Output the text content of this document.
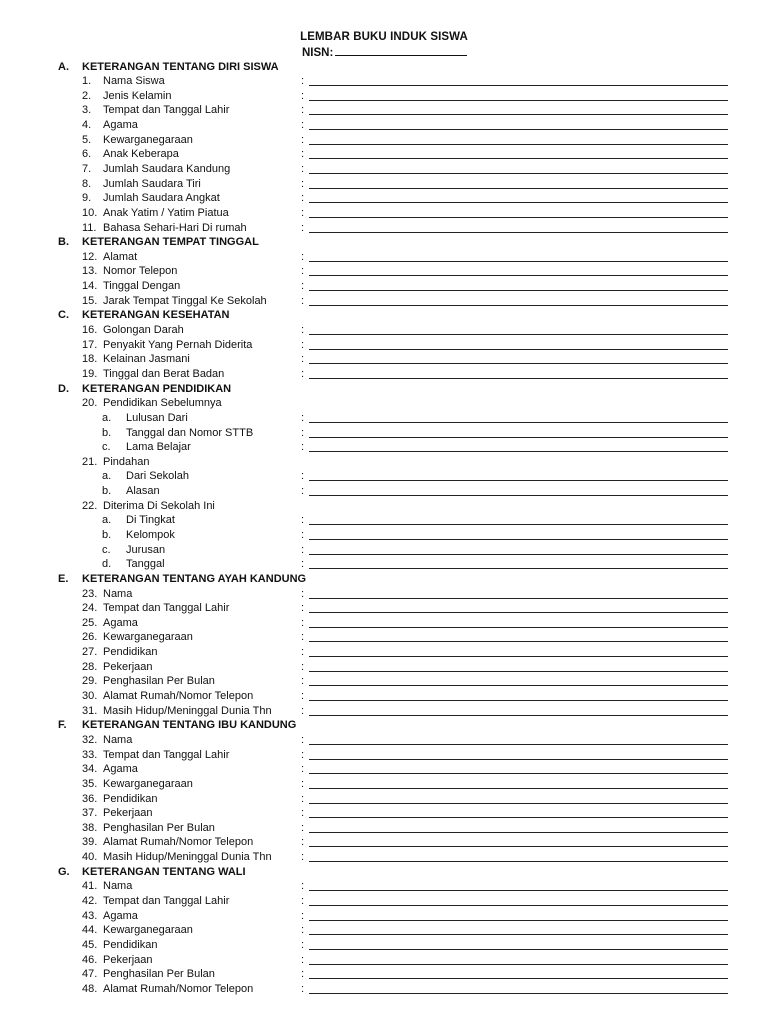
LEMBAR BUKU INDUK SISWA
NISN:
A. KETERANGAN TENTANG DIRI SISWA
1. Nama Siswa	:
2. Jenis Kelamin	:
3. Tempat dan Tanggal Lahir	:
4. Agama	:
5. Kewarganegaraan	:
6. Anak Keberapa	:
7. Jumlah Saudara Kandung	:
8. Jumlah Saudara Tiri	:
9. Jumlah Saudara Angkat	:
10. Anak Yatim / Yatim Piatua	:
11. Bahasa Sehari-Hari Di rumah	:
B. KETERANGAN TEMPAT TINGGAL
12. Alamat	:
13. Nomor Telepon	:
14. Tinggal Dengan	:
15. Jarak Tempat Tinggal Ke Sekolah	:
C. KETERANGAN KESEHATAN
16. Golongan Darah	:
17. Penyakit Yang Pernah Diderita	:
18. Kelainan Jasmani	:
19. Tinggal dan Berat Badan	:
D. KETERANGAN PENDIDIKAN
20. Pendidikan Sebelumnya
a. Lulusan Dari	:
b. Tanggal dan Nomor STTB	:
c. Lama Belajar	:
21. Pindahan
a. Dari Sekolah	:
b. Alasan	:
22. Diterima Di Sekolah Ini
a. Di Tingkat	:
b. Kelompok	:
c. Jurusan	:
d. Tanggal	:
E. KETERANGAN TENTANG AYAH KANDUNG
23. Nama	:
24. Tempat dan Tanggal Lahir	:
25. Agama	:
26. Kewarganegaraan	:
27. Pendidikan	:
28. Pekerjaan	:
29. Penghasilan Per Bulan	:
30. Alamat Rumah/Nomor Telepon	:
31. Masih Hidup/Meninggal Dunia Thn	:
F. KETERANGAN TENTANG IBU KANDUNG
32. Nama	:
33. Tempat dan Tanggal Lahir	:
34. Agama	:
35. Kewarganegaraan	:
36. Pendidikan	:
37. Pekerjaan	:
38. Penghasilan Per Bulan	:
39. Alamat Rumah/Nomor Telepon	:
40. Masih Hidup/Meninggal Dunia Thn	:
G. KETERANGAN TENTANG WALI
41. Nama	:
42. Tempat dan Tanggal Lahir	:
43. Agama	:
44. Kewarganegaraan	:
45. Pendidikan	:
46. Pekerjaan	:
47. Penghasilan Per Bulan	:
48. Alamat Rumah/Nomor Telepon	:
